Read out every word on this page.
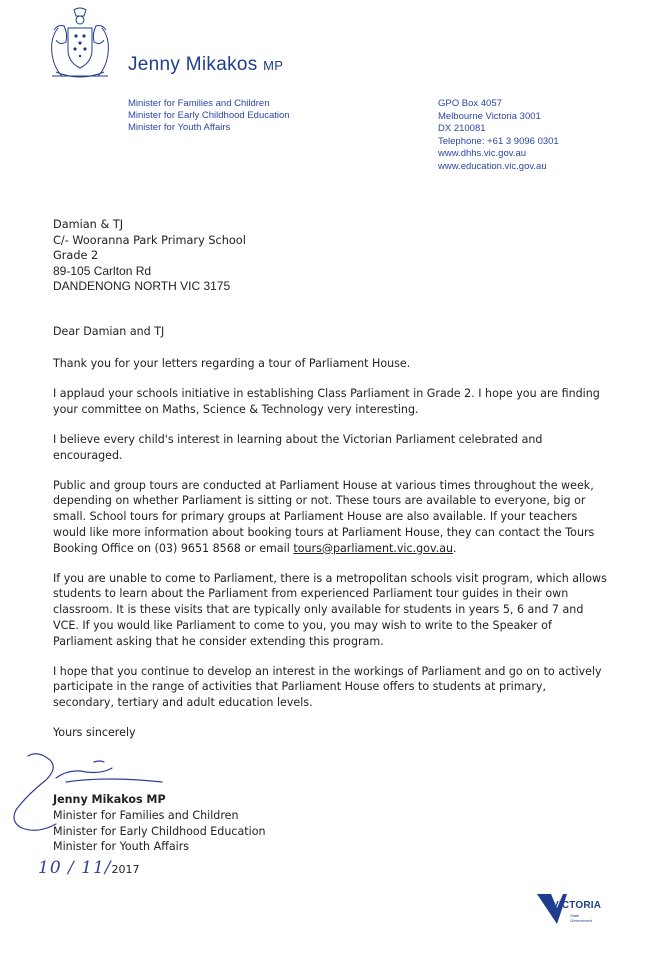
Jenny Mikakos MP
Minister for Families and Children
Minister for Early Childhood Education
Minister for Youth Affairs
GPO Box 4057
Melbourne Victoria 3001
DX 210081
Telephone: +61 3 9096 0301
www.dhhs.vic.gov.au
www.education.vic.gov.au
Damian & TJ
C/- Wooranna Park Primary School
Grade 2
89-105 Carlton Rd
DANDENONG NORTH VIC 3175

Dear Damian and TJ

Thank you for your letters regarding a tour of Parliament House.

I applaud your schools initiative in establishing Class Parliament in Grade 2. I hope you are finding your committee on Maths, Science & Technology very interesting.

I believe every child's interest in learning about the Victorian Parliament celebrated and encouraged.

Public and group tours are conducted at Parliament House at various times throughout the week, depending on whether Parliament is sitting or not. These tours are available to everyone, big or small. School tours for primary groups at Parliament House are also available. If your teachers would like more information about booking tours at Parliament House, they can contact the Tours Booking Office on (03) 9651 8568 or email tours@parliament.vic.gov.au.

If you are unable to come to Parliament, there is a metropolitan schools visit program, which allows students to learn about the Parliament from experienced Parliament tour guides in their own classroom. It is these visits that are typically only available for students in years 5, 6 and 7 and VCE. If you would like Parliament to come to you, you may wish to write to the Speaker of Parliament asking that he consider extending this program.

I hope that you continue to develop an interest in the workings of Parliament and go on to actively participate in the range of activities that Parliament House offers to students at primary, secondary, tertiary and adult education levels.

Yours sincerely

Jenny Mikakos MP
Minister for Families and Children
Minister for Early Childhood Education
Minister for Youth Affairs
10 / 11/2017
VICTORIA
State
Government
